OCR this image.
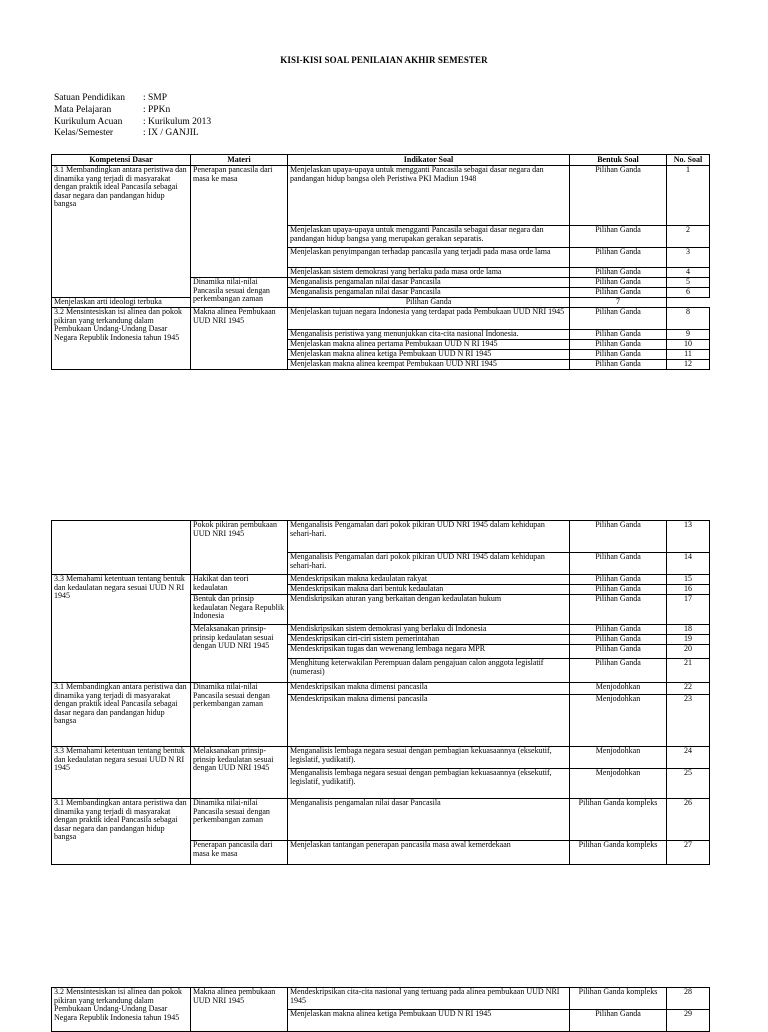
KISI-KISI SOAL PENILAIAN AKHIR SEMESTER
Satuan Pendidikan	: SMP
Mata Pelajaran	: PPKn
Kurikulum Acuan	: Kurikulum 2013
Kelas/Semester	: IX / GANJIL
Kompetensi Dasar	Materi	Indikator Soal	Bentuk Soal	No. Soal
3.1 Membandingkan antara peristiwa dan dinamika yang terjadi di masyarakat dengan praktik ideal Pancasila sebagai dasar negara dan pandangan hidup bangsa	Penerapan pancasila dari masa ke masa	Menjelaskan upaya-upaya untuk mengganti Pancasila sebagai dasar negara dan pandangan hidup bangsa oleh Peristiwa PKI Madiun 1948	Pilihan Ganda	1
		Menjelaskan upaya-upaya untuk mengganti Pancasila sebagai dasar negara dan pandangan hidup bangsa yang merupakan gerakan separatis.	Pilihan Ganda	2
		Menjelaskan penyimpangan terhadap pancasila yang terjadi pada masa orde lama	Pilihan Ganda	3
		Menjelaskan sistem demokrasi yang berlaku pada masa orde lama	Pilihan Ganda	4
	Dinamika nilai-nilai Pancasila sesuai dengan perkembangan zaman	Menganalisis pengamalan nilai dasar Pancasila	Pilihan Ganda	5
		Menganalisis pengamalan nilai dasar Pancasila	Pilihan Ganda	6
Menjelaskan arti ideologi terbuka		Pilihan Ganda	7	
3.2 Mensintesiskan isi alinea dan pokok pikiran yang terkandung dalam Pembukaan Undang-Undang Dasar Negara Republik Indonesia tahun 1945	Makna alinea Pembukaan UUD NRI 1945	Menjelaskan tujuan negara Indonesia yang terdapat pada Pembukaan UUD NRI 1945	Pilihan Ganda	8
		Menganalisis peristiwa yang menunjukkan cita-cita nasional Indonesia.	Pilihan Ganda	9
		Menjelaskan makna alinea pertama Pembukaan UUD N RI 1945	Pilihan Ganda	10
		Menjelaskan makna alinea ketiga Pembukaan UUD N RI 1945	Pilihan Ganda	11
		Menjelaskan makna alinea keempat Pembukaan UUD NRI 1945	Pilihan Ganda	12
	Pokok pikiran pembukaan UUD NRI 1945	Menganalisis Pengamalan dari pokok pikiran UUD NRI 1945 dalam kehidupan sehari-hari.	Pilihan Ganda	13
		Menganalisis Pengamalan dari pokok pikiran UUD NRI 1945 dalam kehidupan sehari-hari.	Pilihan Ganda	14
3.3 Memahami ketentuan tentang bentuk dan kedaulatan negara sesuai UUD N RI 1945	Hakikat dan teori kedaulatan	Mendeskripsikan makna kedaulatan rakyat	Pilihan Ganda	15
		Mendeskripsikan makna dari bentuk kedaulatan	Pilihan Ganda	16
	Bentuk dan prinsip kedaulatan Negara Republik Indonesia	Mendiskripsikan aturan yang berkaitan dengan kedaulatan hukum	Pilihan Ganda	17
	Melaksanakan prinsip-prinsip kedaulatan sesuai dengan UUD NRI 1945	Mendiskripsikan sistem demokrasi yang berlaku di Indonesia	Pilihan Ganda	18
		Mendeskripsikan ciri-ciri sistem pemerintahan	Pilihan Ganda	19
		Mendeskripsikan tugas dan wewenang lembaga negara MPR	Pilihan Ganda	20
		Menghitung keterwakilan Perempuan dalam pengajuan calon anggota legislatif (numerasi)	Pilihan Ganda	21
3.1 Membandingkan antara peristiwa dan dinamika yang terjadi di masyarakat dengan praktik ideal Pancasila sebagai dasar negara dan pandangan hidup bangsa	Dinamika nilai-nilai Pancasila sesuai dengan perkembangan zaman	Mendeskripsikan makna dimensi pancasila	Menjodohkan	22
		Mendeskripsikan makna dimensi pancasila	Menjodohkan	23
3.3 Memahami ketentuan tentang bentuk dan kedaulatan negara sesuai UUD N RI 1945	Melaksanakan prinsip-prinsip kedaulatan sesuai dengan UUD NRI 1945	Menganalisis lembaga negara sesuai dengan pembagian kekuasaannya (eksekutif, legislatif, yudikatif).	Menjodohkan	24
		Menganalisis lembaga negara sesuai dengan pembagian kekuasaannya (eksekutif, legislatif, yudikatif).	Menjodohkan	25
3.1 Membandingkan antara peristiwa dan dinamika yang terjadi di masyarakat dengan praktik ideal Pancasila sebagai dasar negara dan pandangan hidup bangsa	Dinamika nilai-nilai Pancasila sesuai dengan perkembangan zaman	Menganalisis pengamalan nilai dasar Pancasila	Pilihan Ganda kompleks	26
	Penerapan pancasila dari masa ke masa	Menjelaskan tantangan penerapan pancasila masa awal kemerdekaan	Pilihan Ganda kompleks	27
3.2 Mensintesiskan isi alinea dan pokok pikiran yang terkandung dalam Pembukaan Undang-Undang Dasar Negara Republik Indonesia tahun 1945	Makna alinea pembukaan UUD NRI 1945	Mendeskripsikan cita-cita nasional yang tertuang pada alinea pembukaan UUD NRI 1945	Pilihan Ganda kompleks	28
		Menjelaskan makna alinea ketiga Pembukaan UUD N RI 1945	Pilihan Ganda	29
